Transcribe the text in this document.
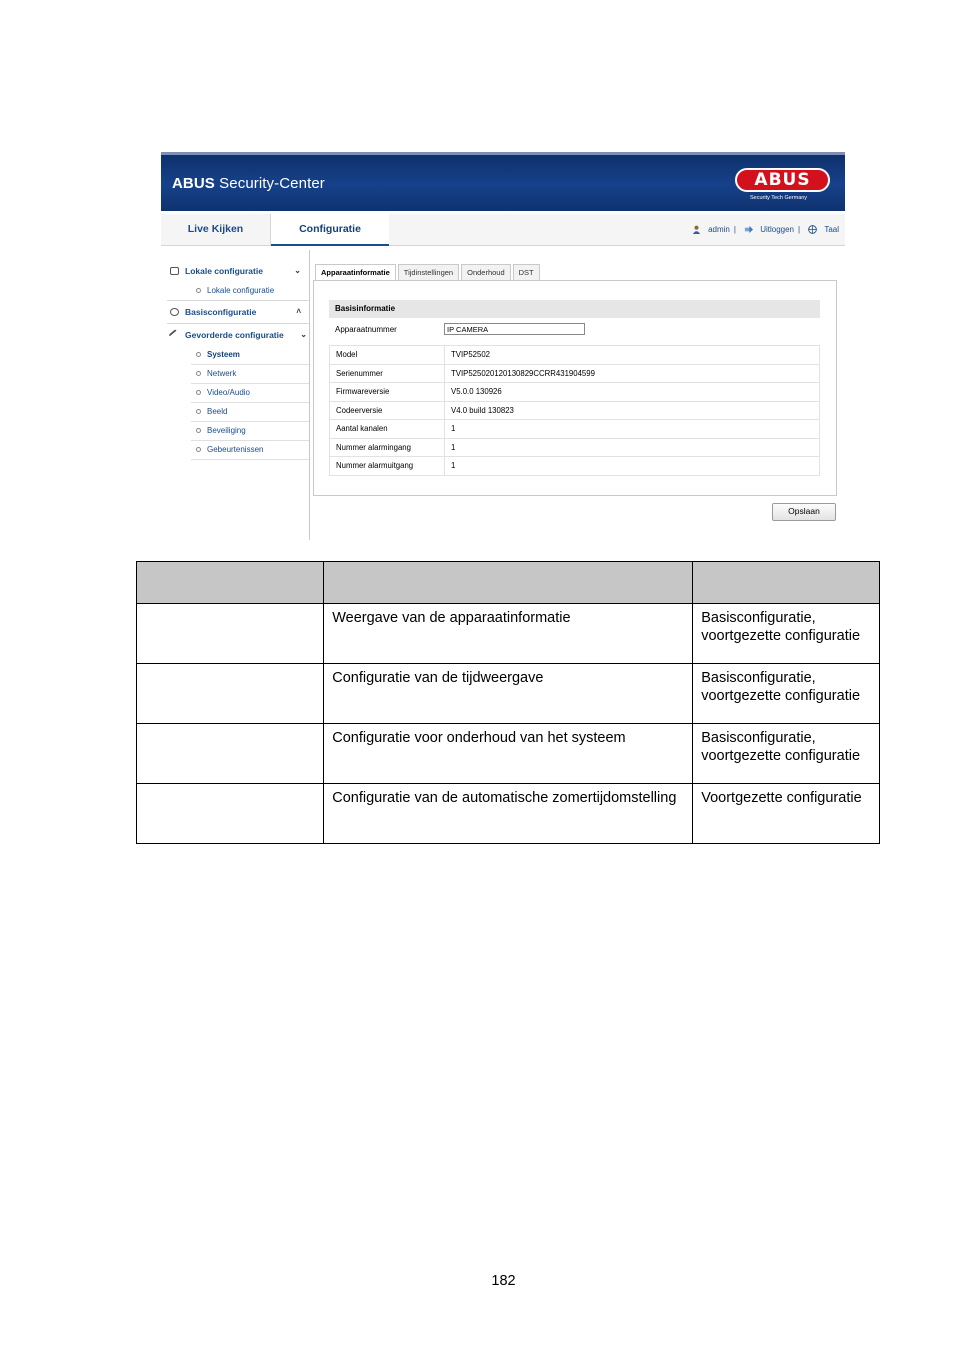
ABUS Security-Center	ABUS
Security Tech Germany
Live Kijken	Configuratie	admin |	Uitloggen |	Taal
Lokale configuratie	⌄
Lokale configuratie
Basisconfiguratie	˄
Gevorderde configuratie ⌄
Systeem
Netwerk
Video/Audio
Beeld
Beveiliging
Gebeurtenissen
Apparaatinformatie	Tijdinstellingen	Onderhoud	DST
Basisinformatie
Apparaatnummer	IP CAMERA
Model	TVIP52502
Serienummer	TVIP525020120130829CCRR431904599
Firmwareversie	V5.0.0 130926
Codeerversie	V4.0 build 130823
Aantal kanalen	1
Nummer alarmingang	1
Nummer alarmuitgang	1
Opslaan

	Weergave van de apparaatinformatie	Basisconfiguratie, voortgezette configuratie
	Configuratie van de tijdweergave	Basisconfiguratie, voortgezette configuratie
	Configuratie voor onderhoud van het systeem	Basisconfiguratie, voortgezette configuratie
	Configuratie van de automatische zomertijdomstelling	Voortgezette configuratie
182
